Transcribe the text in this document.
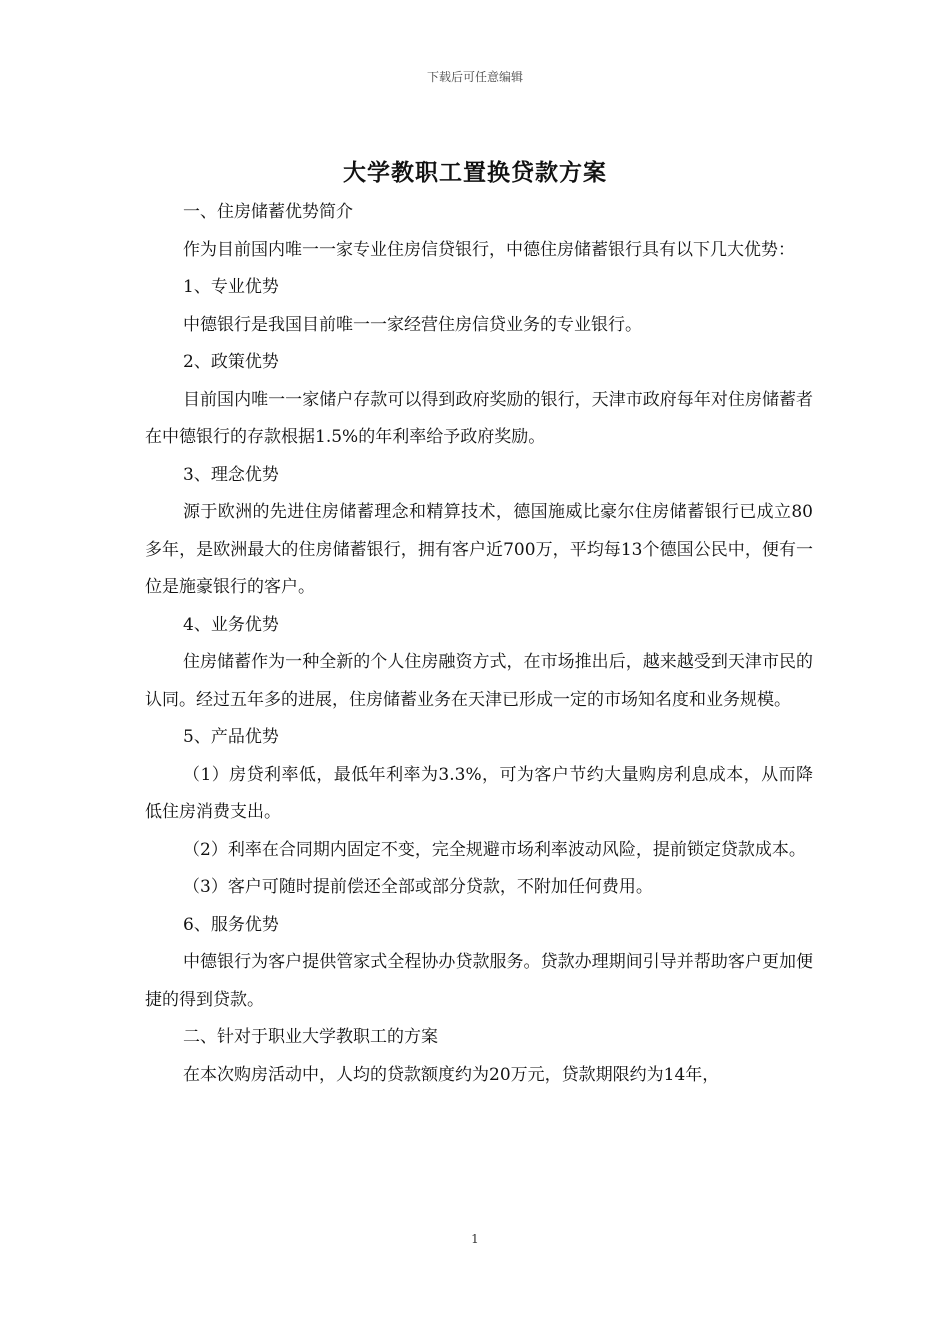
下载后可任意编辑
大学教职工置换贷款方案

一、住房储蓄优势简介

作为目前国内唯一一家专业住房信贷银行，中德住房储蓄银行具有以下几大优势：

1、专业优势

中德银行是我国目前唯一一家经营住房信贷业务的专业银行。

2、政策优势

目前国内唯一一家储户存款可以得到政府奖励的银行，天津市政府每年对住房储蓄者在中德银行的存款根据1.5%的年利率给予政府奖励。

3、理念优势

源于欧洲的先进住房储蓄理念和精算技术，德国施威比豪尔住房储蓄银行已成立80多年，是欧洲最大的住房储蓄银行，拥有客户近700万，平均每13个德国公民中，便有一位是施豪银行的客户。

4、业务优势

住房储蓄作为一种全新的个人住房融资方式，在市场推出后，越来越受到天津市民的认同。经过五年多的进展，住房储蓄业务在天津已形成一定的市场知名度和业务规模。

5、产品优势

（1）房贷利率低，最低年利率为3.3%，可为客户节约大量购房利息成本，从而降低住房消费支出。

（2）利率在合同期内固定不变，完全规避市场利率波动风险，提前锁定贷款成本。

（3）客户可随时提前偿还全部或部分贷款，不附加任何费用。

6、服务优势

中德银行为客户提供管家式全程协办贷款服务。贷款办理期间引导并帮助客户更加便捷的得到贷款。

二、针对于职业大学教职工的方案

在本次购房活动中，人均的贷款额度约为20万元，贷款期限约为14年，

1
